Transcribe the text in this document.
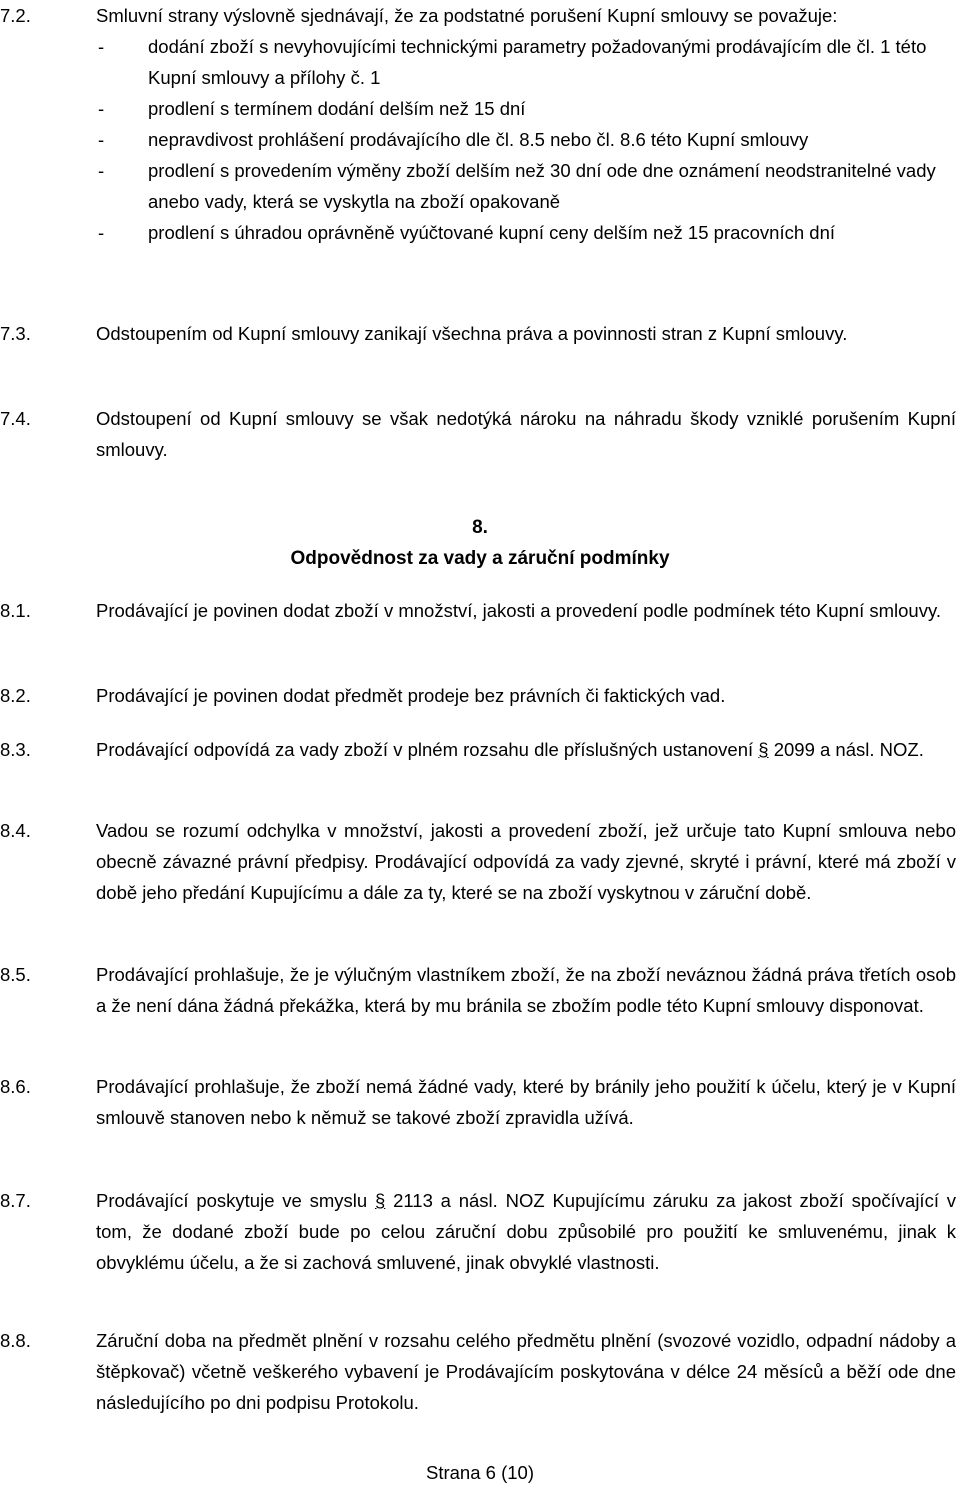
7.2.	Smluvní strany výslovně sjednávají, že za podstatné porušení Kupní smlouvy se považuje:
- dodání zboží s nevyhovujícími technickými parametry požadovanými prodávajícím dle čl. 1 této Kupní smlouvy a přílohy č. 1
- prodlení s termínem dodání delším než 15 dní
- nepravdivost prohlášení prodávajícího dle čl. 8.5 nebo čl. 8.6 této Kupní smlouvy
- prodlení s provedením výměny zboží delším než 30 dní ode dne oznámení neodstranitelné vady anebo vady, která se vyskytla na zboží opakovaně
- prodlení s úhradou oprávněně vyúčtované kupní ceny delším než 15 pracovních dní
7.3.	Odstoupením od Kupní smlouvy zanikají všechna práva a povinnosti stran z Kupní smlouvy.
7.4.	Odstoupení od Kupní smlouvy se však nedotýká nároku na náhradu škody vzniklé porušením Kupní smlouvy.
8.
Odpovědnost za vady a záruční podmínky
8.1.	Prodávající je povinen dodat zboží v množství, jakosti a provedení podle podmínek této Kupní smlouvy.
8.2.	Prodávající je povinen dodat předmět prodeje bez právních či faktických vad.
8.3.	Prodávající odpovídá za vady zboží v plném rozsahu dle příslušných ustanovení § 2099 a násl. NOZ.
8.4.	Vadou se rozumí odchylka v množství, jakosti a provedení zboží, jež určuje tato Kupní smlouva nebo obecně závazné právní předpisy. Prodávající odpovídá za vady zjevné, skryté i právní, které má zboží v době jeho předání Kupujícímu a dále za ty, které se na zboží vyskytnou v záruční době.
8.5.	Prodávající prohlašuje, že je výlučným vlastníkem zboží, že na zboží neváznou žádná práva třetích osob a že není dána žádná překážka, která by mu bránila se zbožím podle této Kupní smlouvy disponovat.
8.6.	Prodávající prohlašuje, že zboží nemá žádné vady, které by bránily jeho použití k účelu, který je v Kupní smlouvě stanoven nebo k němuž se takové zboží zpravidla užívá.
8.7.	Prodávající poskytuje ve smyslu § 2113 a násl. NOZ Kupujícímu záruku za jakost zboží spočívající v tom, že dodané zboží bude po celou záruční dobu způsobilé pro použití ke smluvenému, jinak k obvyklému účelu, a že si zachová smluvené, jinak obvyklé vlastnosti.
8.8.	Záruční doba na předmět plnění v rozsahu celého předmětu plnění (svozové vozidlo, odpadní nádoby a štěpkovač) včetně veškerého vybavení je Prodávajícím poskytována v délce 24 měsíců a běží ode dne následujícího po dni podpisu Protokolu.
Strana 6 (10)
